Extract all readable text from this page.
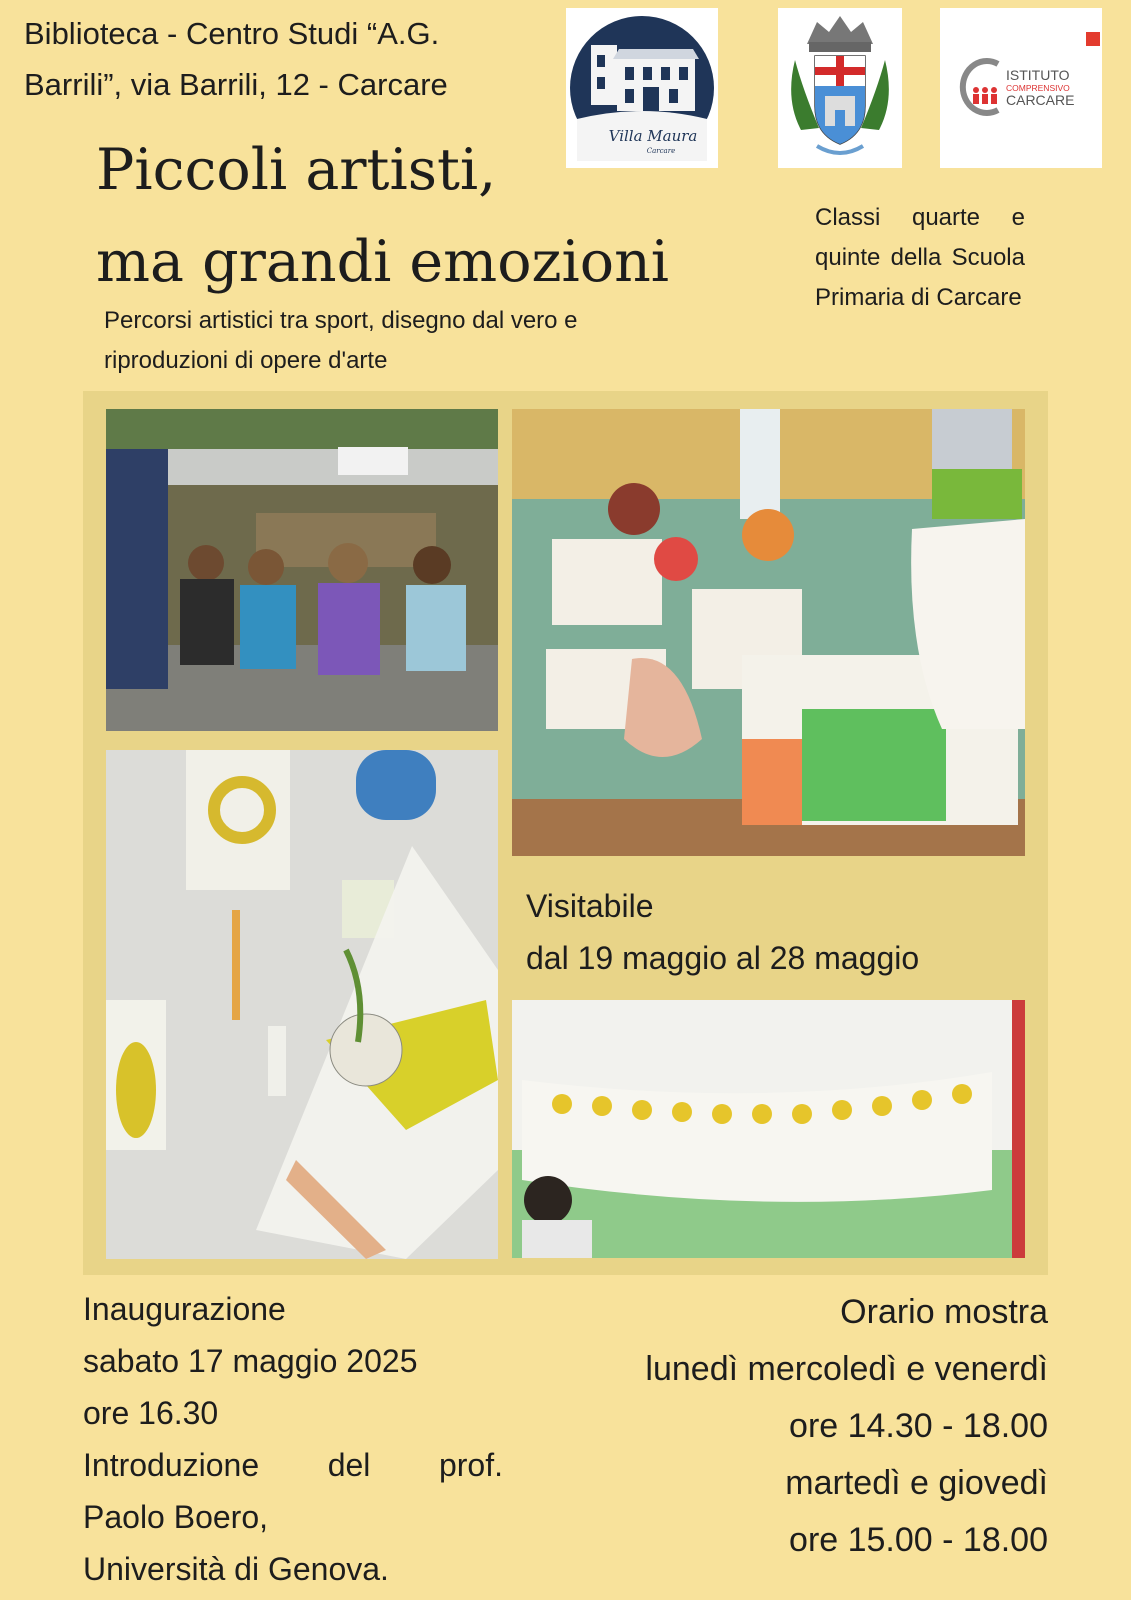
Biblioteca - Centro Studi “A.G.
Barrili”, via Barrili, 12 - Carcare
Villa Maura
Carcare
ISTITUTO
COMPRENSIVO
CARCARE
Piccoli artisti,
ma grandi emozioni
Percorsi artistici tra sport, disegno dal vero e
riproduzioni di opere d'arte
Classi quarte e quinte della Scuola Primaria di Carcare
Visitabile
dal 19 maggio al 28 maggio
Inaugurazione
sabato 17 maggio 2025
ore 16.30
Introduzione del prof.
Paolo Boero,
Università di Genova.
Orario mostra
lunedì mercoledì e venerdì
ore 14.30 - 18.00
martedì e giovedì
ore 15.00 - 18.00
